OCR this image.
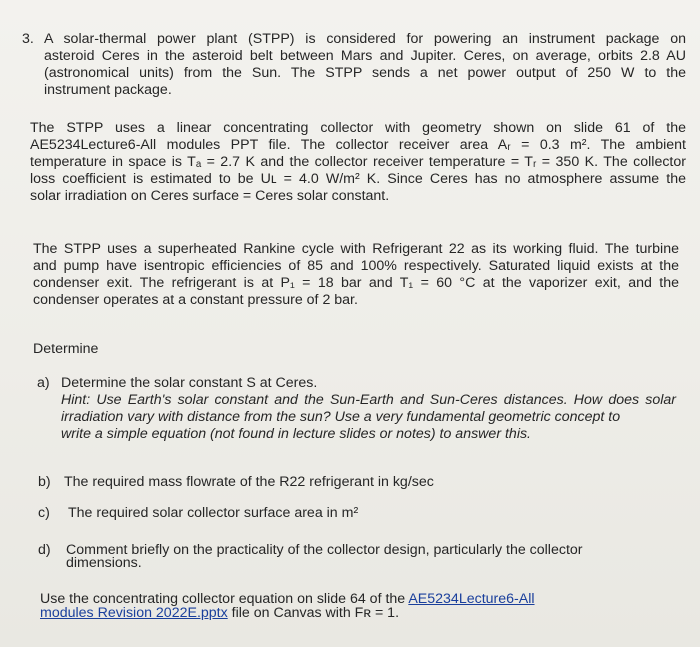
3. A solar-thermal power plant (STPP) is considered for powering an instrument package on
asteroid Ceres in the asteroid belt between Mars and Jupiter. Ceres, on average, orbits 2.8 AU
(astronomical units) from the Sun. The STPP sends a net power output of 250 W to the
instrument package.
The STPP uses a linear concentrating collector with geometry shown on slide 61 of the
AE5234Lecture6-All modules PPT file. The collector receiver area Aᵣ = 0.3 m². The ambient
temperature in space is Tₐ = 2.7 K and the collector receiver temperature = Tᵣ = 350 K. The collector
loss coefficient is estimated to be Uʟ = 4.0 W/m² K. Since Ceres has no atmosphere assume the
solar irradiation on Ceres surface = Ceres solar constant.
The STPP uses a superheated Rankine cycle with Refrigerant 22 as its working fluid. The turbine
and pump have isentropic efficiencies of 85 and 100% respectively. Saturated liquid exists at the
condenser exit. The refrigerant is at P₁ = 18 bar and T₁ = 60 °C at the vaporizer exit, and the
condenser operates at a constant pressure of 2 bar.
Determine
a) Determine the solar constant S at Ceres.
Hint: Use Earth's solar constant and the Sun-Earth and Sun-Ceres distances. How does solar
irradiation vary with distance from the sun? Use a very fundamental geometric concept to
write a simple equation (not found in lecture slides or notes) to answer this.
b) The required mass flowrate of the R22 refrigerant in kg/sec
c) The required solar collector surface area in m²
d) Comment briefly on the practicality of the collector design, particularly the collector
dimensions.
Use the concentrating collector equation on slide 64 of the AE5234Lecture6-All
modules Revision 2022E.pptx file on Canvas with Fʀ = 1.
